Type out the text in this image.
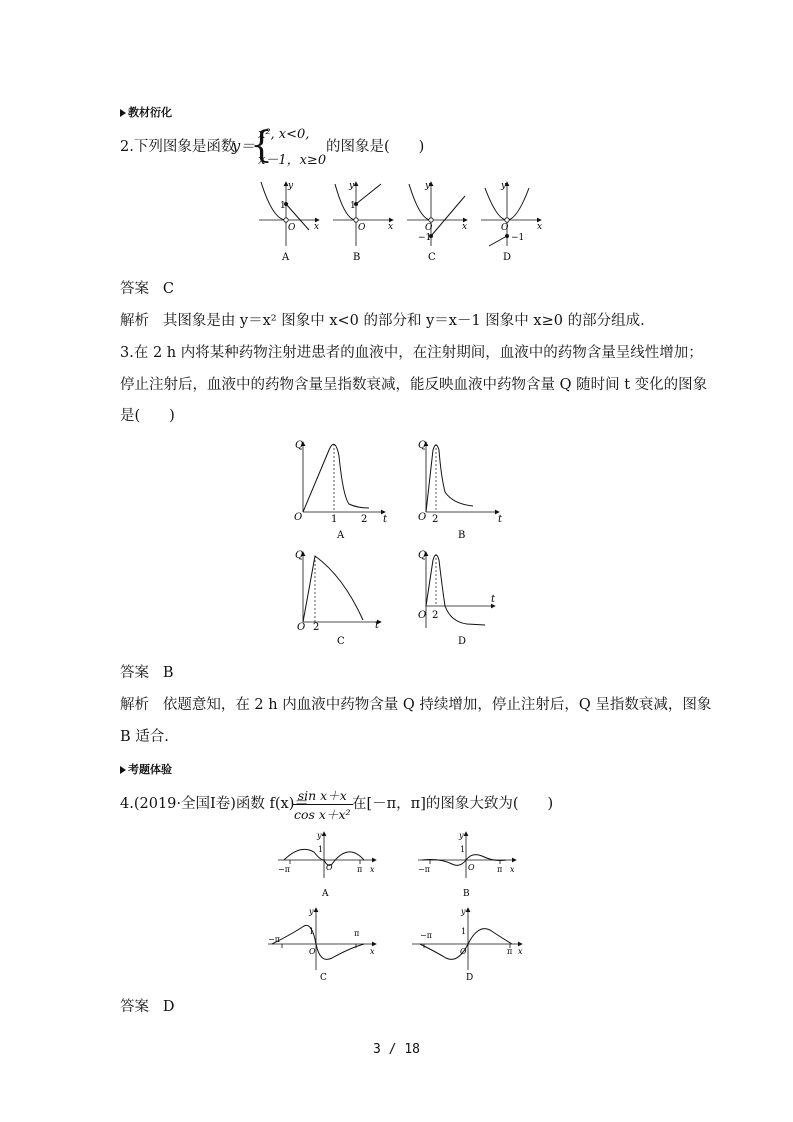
教材衍化
2.下列图象是函数
y＝
{
x², x<0,
x－1，x≥0
的图象是(　　)
1
O x
y
A
1
O	x
y
B
−1
O	x
y
C
−1
O	x
y
D
答案 C
解析 其图象是由 y＝x² 图象中 x<0 的部分和 y＝x－1 图象中 x≥0 的部分组成.
3.在 2 h 内将某种药物注射进患者的血液中，在注射期间，血液中的药物含量呈线性增加；
停止注射后，血液中的药物含量呈指数衰减，能反映血液中药物含量 Q 随时间 t 变化的图象
是(　　)
Q
O	1 2 t
A
Q
O 2	t
B
Q
O 2	t
C
Q
O 2
t
D
答案 B
解析 依题意知，在 2 h 内血液中药物含量 Q 持续增加，停止注射后，Q 呈指数衰减，图象
B 适合.
考题体验
4.(2019·全国Ⅰ卷)函数 f(x)＝
$\frac{\text{sin x＋x}}{\text{cos x＋x²}}$ 在[－π，π]的图象大致为(　　)
y
1
O
−π	π x
A
y
1
O
−π	π x
B
y
1
O
−π
π
x
C
y
1
O
−π
π x
D
答案 D
3 / 18
